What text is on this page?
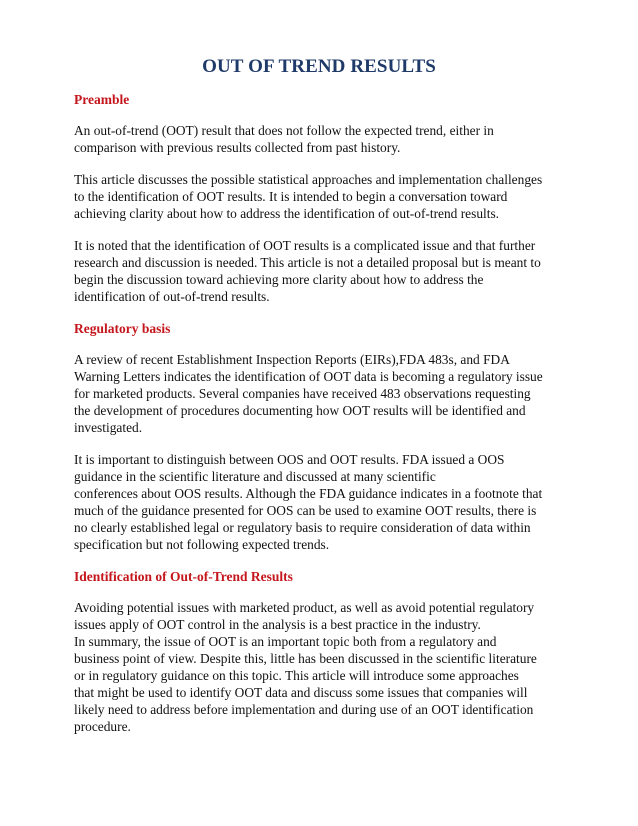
OUT OF TREND RESULTS
Preamble

An out-of-trend (OOT) result that does not follow the expected trend, either in
comparison with previous results collected from past history.

This article discusses the possible statistical approaches and implementation challenges
to the identification of OOT results. It is intended to begin a conversation toward
achieving clarity about how to address the identification of out-of-trend results.

It is noted that the identification of OOT results is a complicated issue and that further
research and discussion is needed. This article is not a detailed proposal but is meant to
begin the discussion toward achieving more clarity about how to address the
identification of out-of-trend results.

Regulatory basis

A review of recent Establishment Inspection Reports (EIRs),FDA 483s, and FDA
Warning Letters indicates the identification of OOT data is becoming a regulatory issue
for marketed products. Several companies have received 483 observations requesting
the development of procedures documenting how OOT results will be identified and
investigated.

It is important to distinguish between OOS and OOT results. FDA issued a OOS
guidance in the scientific literature and discussed at many scientific
conferences about OOS results. Although the FDA guidance indicates in a footnote that
much of the guidance presented for OOS can be used to examine OOT results, there is
no clearly established legal or regulatory basis to require consideration of data within
specification but not following expected trends.

Identification of Out-of-Trend Results

Avoiding potential issues with marketed product, as well as avoid potential regulatory
issues apply of OOT control in the analysis is a best practice in the industry.
In summary, the issue of OOT is an important topic both from a regulatory and
business point of view. Despite this, little has been discussed in the scientific literature
or in regulatory guidance on this topic. This article will introduce some approaches
that might be used to identify OOT data and discuss some issues that companies will
likely need to address before implementation and during use of an OOT identification
procedure.
